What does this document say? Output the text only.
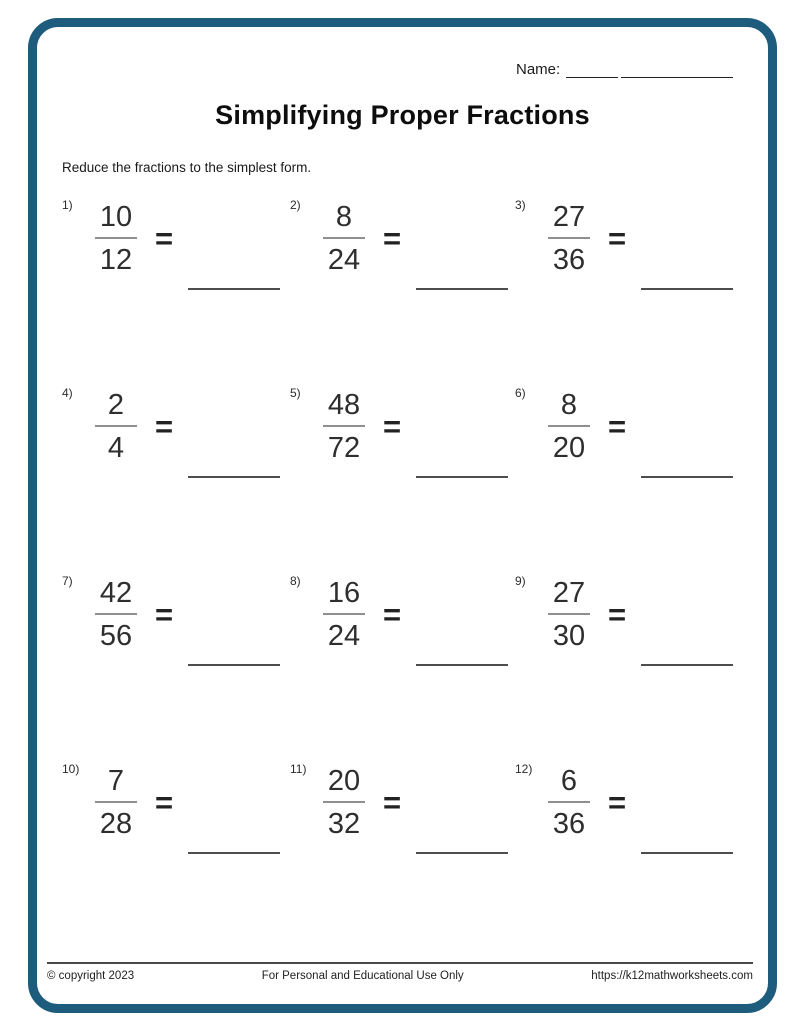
Name:
Simplifying Proper Fractions
Reduce the fractions to the simplest form.
$1) \frac{10}{12}$ =
$2) \frac{8}{24}$ =
$3) \frac{27}{36}$ =
$4) \frac{2}{4}$ =
$5) \frac{48}{72}$ =
$6) \frac{8}{20}$ =
$7) \frac{42}{56}$ =
$8) \frac{16}{24}$ =
$9) \frac{27}{30}$ =
$10) \frac{7}{28}$ =
$11) \frac{20}{32}$ =
$12) \frac{6}{36}$ =
© copyright 2023	For Personal and Educational Use Only	https://k12mathworksheets.com
